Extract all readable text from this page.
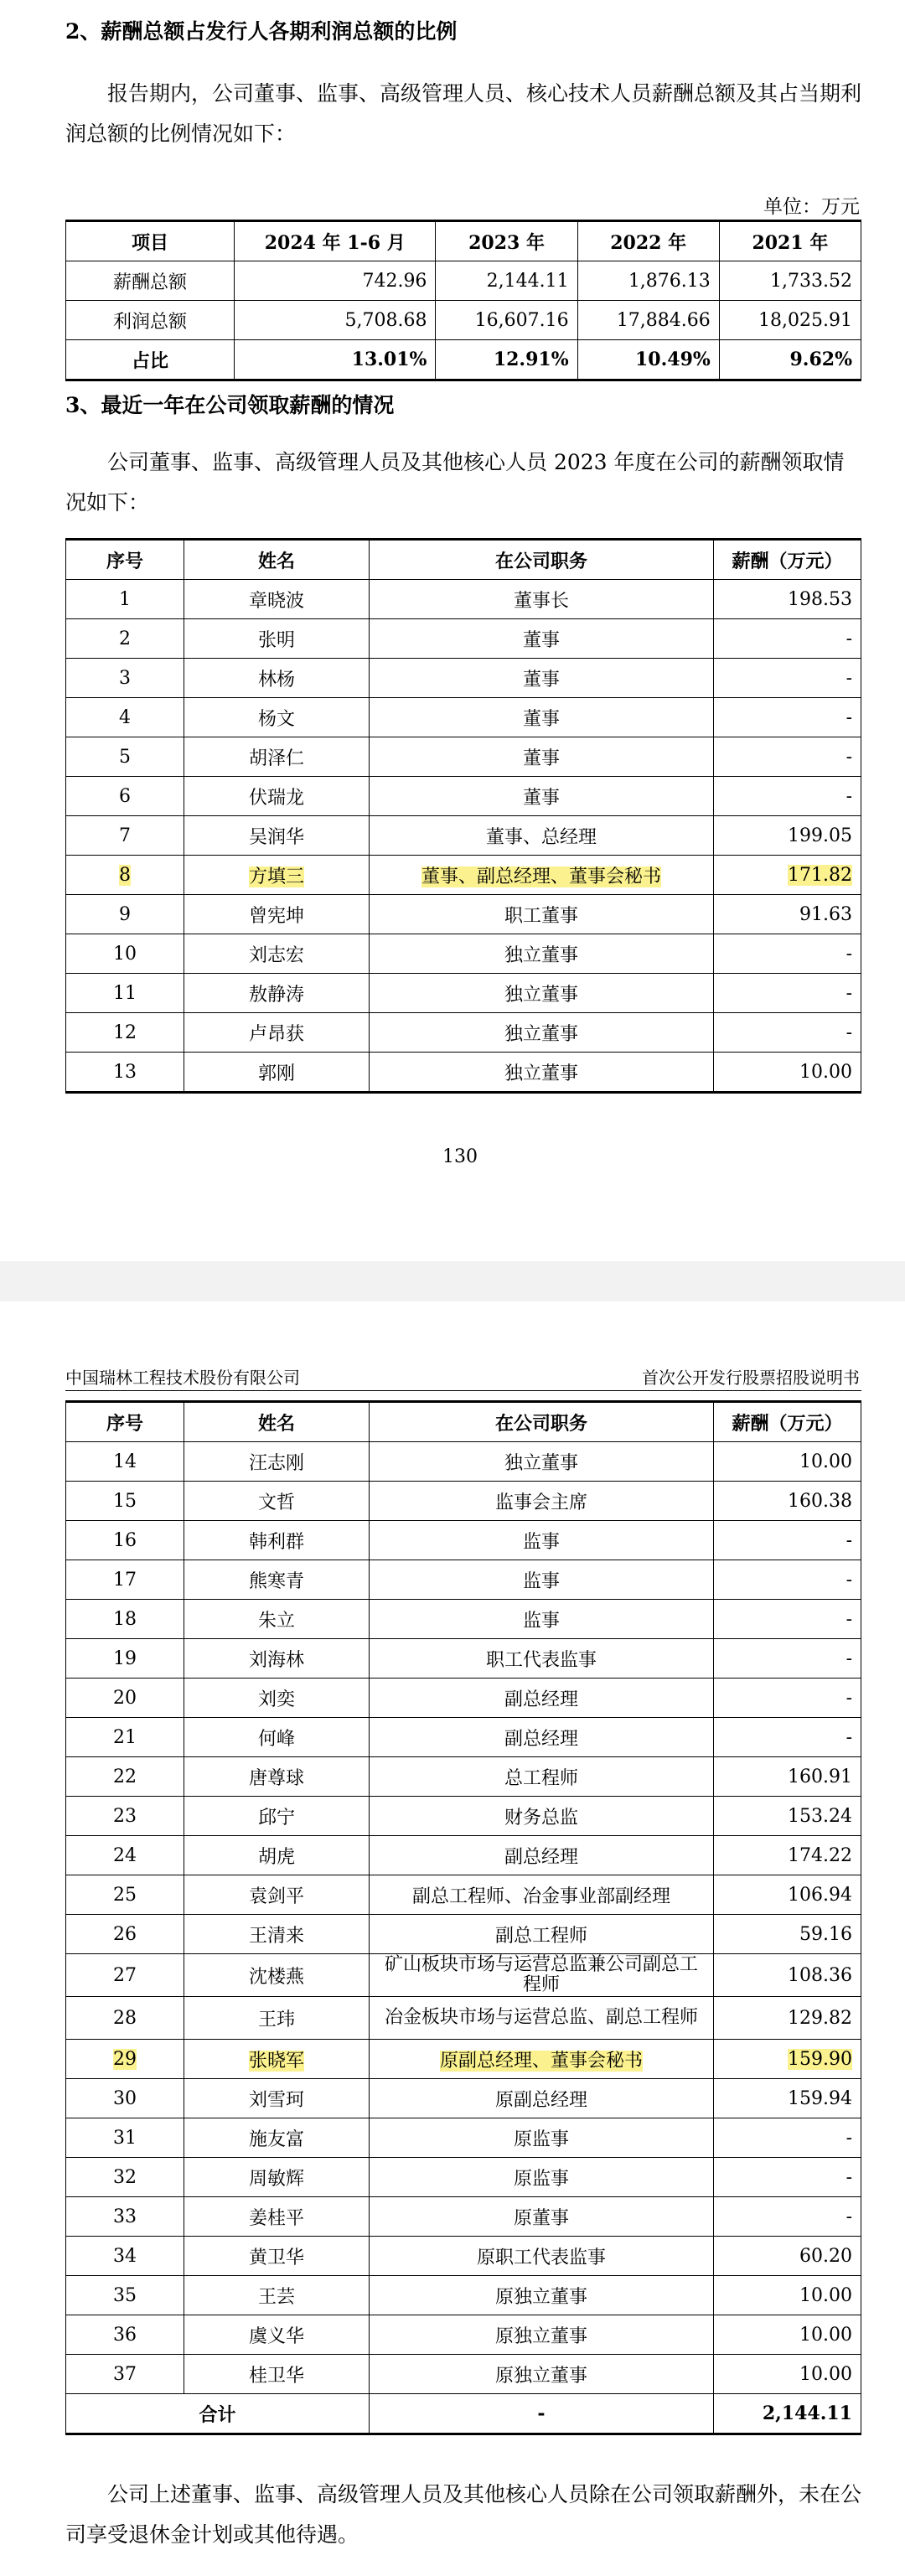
2、薪酬总额占发行人各期利润总额的比例
报告期内，公司董事、监事、高级管理人员、核心技术人员薪酬总额及其占当期利润总额的比例情况如下：
单位：万元
项目	2024 年 1-6 月	2023 年	2022 年	2021 年
薪酬总额	742.96	2,144.11	1,876.13	1,733.52
利润总额	5,708.68	16,607.16	17,884.66	18,025.91
占比	13.01%	12.91%	10.49%	9.62%
3、最近一年在公司领取薪酬的情况
公司董事、监事、高级管理人员及其他核心人员 2023 年度在公司的薪酬领取情况如下：
序号	姓名	在公司职务	薪酬（万元）
1	章晓波	董事长	198.53
2	张明	董事	-
3	林杨	董事	-
4	杨文	董事	-
5	胡泽仁	董事	-
6	伏瑞龙	董事	-
7	吴润华	董事、总经理	199.05
8	方填三	董事、副总经理、董事会秘书	171.82
9	曾宪坤	职工董事	91.63
10	刘志宏	独立董事	-
11	敖静涛	独立董事	-
12	卢昂获	独立董事	-
13	郭刚	独立董事	10.00
130
中国瑞林工程技术股份有限公司	首次公开发行股票招股说明书
序号	姓名	在公司职务	薪酬（万元）
14	汪志刚	独立董事	10.00
15	文哲	监事会主席	160.38
16	韩利群	监事	-
17	熊寒青	监事	-
18	朱立	监事	-
19	刘海林	职工代表监事	-
20	刘奕	副总经理	-
21	何峰	副总经理	-
22	唐尊球	总工程师	160.91
23	邱宁	财务总监	153.24
24	胡虎	副总经理	174.22
25	袁剑平	副总工程师、冶金事业部副经理	106.94
26	王清来	副总工程师	59.16
27	沈楼燕	矿山板块市场与运营总监兼公司副总工程师	108.36
28	王玮	冶金板块市场与运营总监、副总工程师	129.82
29	张晓军	原副总经理、董事会秘书	159.90
30	刘雪珂	原副总经理	159.94
31	施友富	原监事	-
32	周敏辉	原监事	-
33	姜桂平	原董事	-
34	黄卫华	原职工代表监事	60.20
35	王芸	原独立董事	10.00
36	虞义华	原独立董事	10.00
37	桂卫华	原独立董事	10.00
合计		-	2,144.11
公司上述董事、监事、高级管理人员及其他核心人员除在公司领取薪酬外，未在公司享受退休金计划或其他待遇。
